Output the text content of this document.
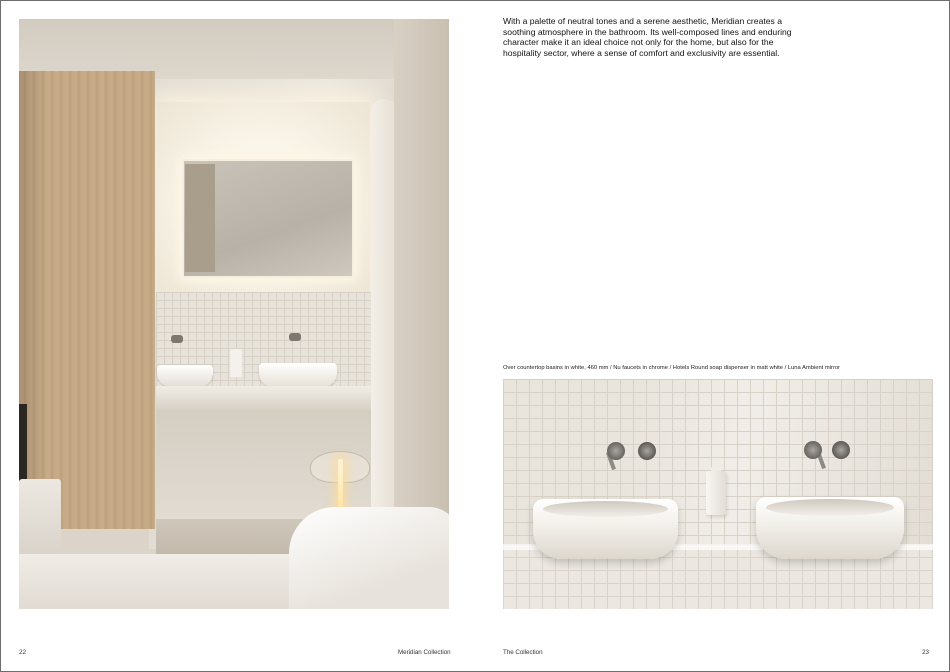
With a palette of neutral tones and a serene aesthetic, Meridian creates a soothing atmosphere in the bathroom. Its well-composed lines and enduring character make it an ideal choice not only for the home, but also for the hospitality sector, where a sense of comfort and exclusivity are essential.

Over countertop basins in white, 460 mm / Nu faucets in chrome / Hotels Round soap dispenser in matt white / Luna Ambient mirror

22	Meridian Collection	The Collection	23
